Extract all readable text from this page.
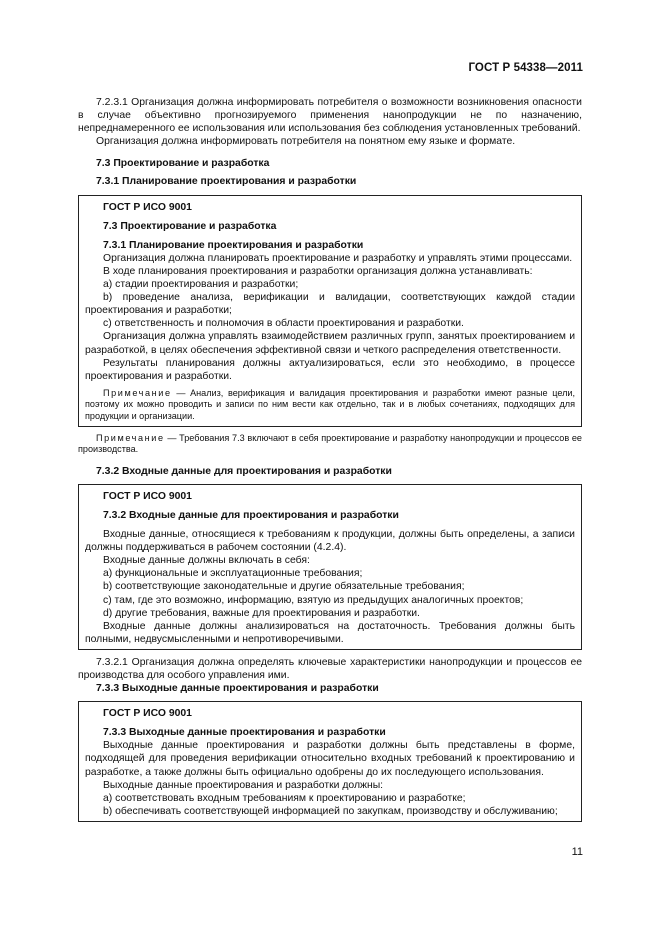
ГОСТ Р 54338—2011

7.2.3.1 Организация должна информировать потребителя о возможности возникновения опасности в случае объективно прогнозируемого применения нанопродукции не по назначению, непреднамеренного ее использования или использования без соблюдения установленных требований.

Организация должна информировать потребителя на понятном ему языке и формате.

7.3 Проектирование и разработка

7.3.1 Планирование проектирования и разработки

ГОСТ Р ИСО 9001

7.3 Проектирование и разработка

7.3.1 Планирование проектирования и разработки

Организация должна планировать проектирование и разработку и управлять этими процессами.

В ходе планирования проектирования и разработки организация должна устанавливать:

a) стадии проектирования и разработки;

b) проведение анализа, верификации и валидации, соответствующих каждой стадии проектирования и разработки;

c) ответственность и полномочия в области проектирования и разработки.

Организация должна управлять взаимодействием различных групп, занятых проектированием и разработкой, в целях обеспечения эффективной связи и четкого распределения ответственности.

Результаты планирования должны актуализироваться, если это необходимо, в процессе проектирования и разработки.

Примечание — Анализ, верификация и валидация проектирования и разработки имеют разные цели, поэтому их можно проводить и записи по ним вести как отдельно, так и в любых сочетаниях, подходящих для продукции и организации.

Примечание — Требования 7.3 включают в себя проектирование и разработку нанопродукции и процессов ее производства.

7.3.2 Входные данные для проектирования и разработки

ГОСТ Р ИСО 9001

7.3.2 Входные данные для проектирования и разработки

Входные данные, относящиеся к требованиям к продукции, должны быть определены, а записи должны поддерживаться в рабочем состоянии (4.2.4).

Входные данные должны включать в себя:

a) функциональные и эксплуатационные требования;

b) соответствующие законодательные и другие обязательные требования;

c) там, где это возможно, информацию, взятую из предыдущих аналогичных проектов;

d) другие требования, важные для проектирования и разработки.

Входные данные должны анализироваться на достаточность. Требования должны быть полными, недвусмысленными и непротиворечивыми.

7.3.2.1 Организация должна определять ключевые характеристики нанопродукции и процессов ее производства для особого управления ими.

7.3.3 Выходные данные проектирования и разработки

ГОСТ Р ИСО 9001

7.3.3 Выходные данные проектирования и разработки

Выходные данные проектирования и разработки должны быть представлены в форме, подходящей для проведения верификации относительно входных требований к проектированию и разработке, а также должны быть официально одобрены до их последующего использования.

Выходные данные проектирования и разработки должны:

a) соответствовать входным требованиям к проектированию и разработке;

b) обеспечивать соответствующей информацией по закупкам, производству и обслуживанию;

11
